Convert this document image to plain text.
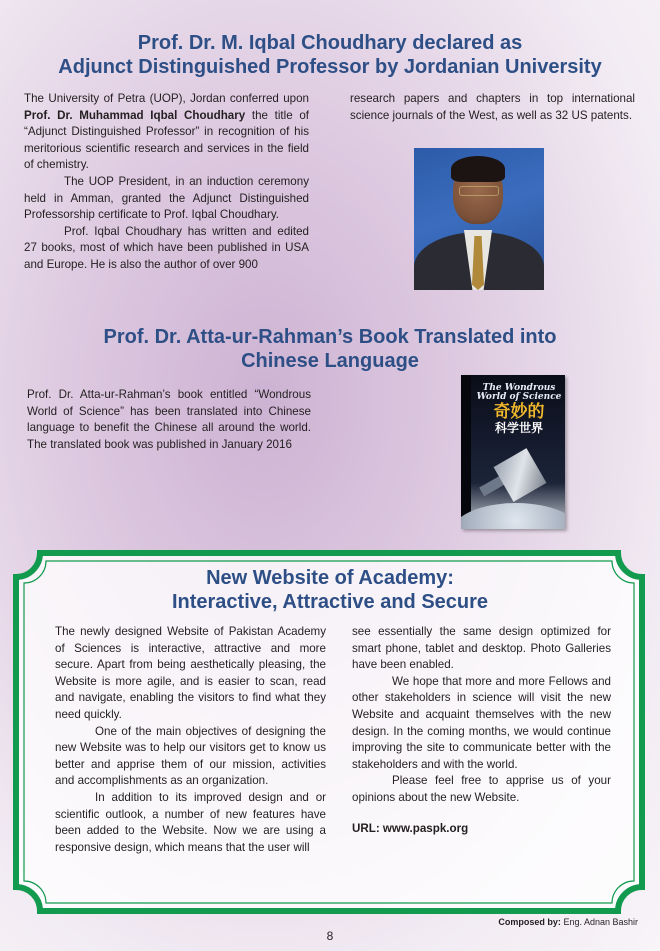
Prof. Dr. M. Iqbal Choudhary declared as
Adjunct Distinguished Professor by Jordanian University

The University of Petra (UOP), Jordan conferred upon Prof. Dr. Muhammad Iqbal Choudhary the title of “Adjunct Distinguished Professor” in recognition of his meritorious scientific research and services in the field of chemistry.

The UOP President, in an induction ceremony held in Amman, granted the Adjunct Distinguished Professorship certificate to Prof. Iqbal Choudhary.

Prof. Iqbal Choudhary has written and edited 27 books, most of which have been published in USA and Europe. He is also the author of over 900

research papers and chapters in top international science journals of the West, as well as 32 US patents.

Prof. Dr. Atta-ur-Rahman’s Book Translated into
Chinese Language

Prof. Dr. Atta-ur-Rahman’s book entitled “Wondrous World of Science” has been translated into Chinese language to benefit the Chinese all around the world. The translated book was published in January 2016

The Wondrous World of Science
奇妙的
科学世界
New Website of Academy:
Interactive, Attractive and Secure

The newly designed Website of Pakistan Academy of Sciences is interactive, attractive and more secure. Apart from being aesthetically pleasing, the Website is more agile, and is easier to scan, read and navigate, enabling the visitors to find what they need quickly.

One of the main objectives of designing the new Website was to help our visitors get to know us better and apprise them of our mission, activities and accomplishments as an organization.

In addition to its improved design and or scientific outlook, a number of new features have been added to the Website. Now we are using a responsive design, which means that the user will

see essentially the same design optimized for smart phone, tablet and desktop. Photo Galleries have been enabled.

We hope that more and more Fellows and other stakeholders in science will visit the new Website and acquaint themselves with the new design. In the coming months, we would continue improving the site to communicate better with the stakeholders and with the world.

Please feel free to apprise us of your opinions about the new Website.

URL: www.paspk.org

Composed by: Eng. Adnan Bashir
8
